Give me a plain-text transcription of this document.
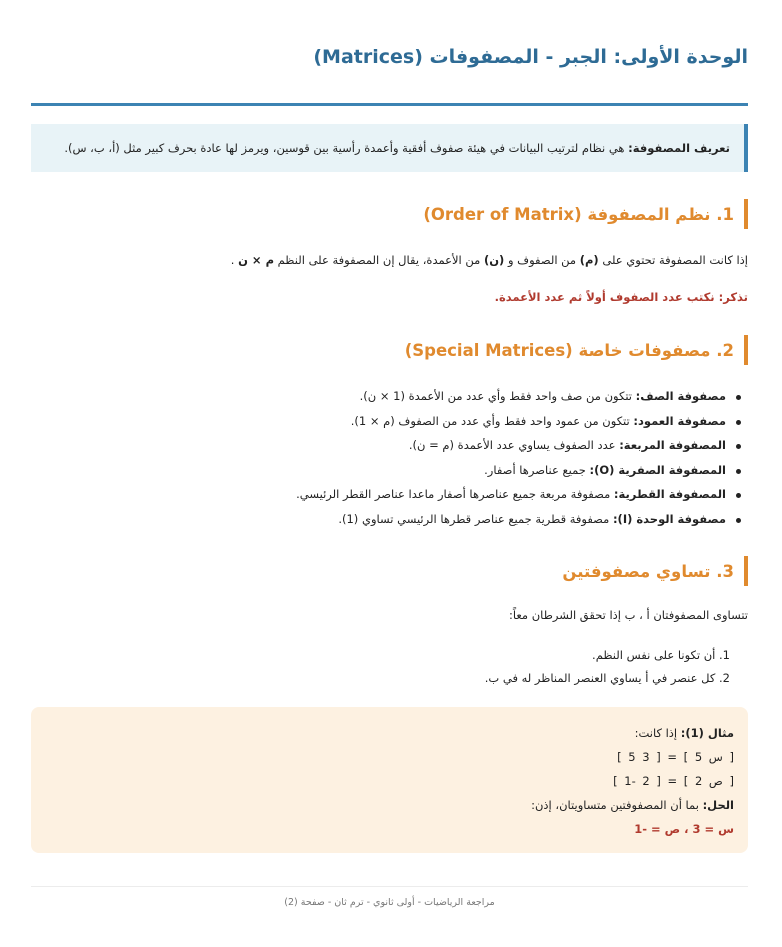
الوحدة الأولى: الجبر - المصفوفات (Matrices)

تعريف المصفوفة: هي نظام لترتيب البيانات في هيئة صفوف أفقية وأعمدة رأسية بين قوسين، ويرمز لها عادة بحرف كبير مثل (أ، ب، س).

1. نظم المصفوفة (Order of Matrix)

إذا كانت المصفوفة تحتوي على (م) من الصفوف و (ن) من الأعمدة، يقال إن المصفوفة على النظم م × ن .

تذكر: نكتب عدد الصفوف أولاً ثم عدد الأعمدة.

2. مصفوفات خاصة (Special Matrices)
مصفوفة الصف: تتكون من صف واحد فقط وأي عدد من الأعمدة (1 × ن).
مصفوفة العمود: تتكون من عمود واحد فقط وأي عدد من الصفوف (م × 1).
المصفوفة المربعة: عدد الصفوف يساوي عدد الأعمدة (م = ن).
المصفوفة الصفرية (O): جميع عناصرها أصفار.
المصفوفة القطرية: مصفوفة مربعة جميع عناصرها أصفار ماعدا عناصر القطر الرئيسي.
مصفوفة الوحدة (I): مصفوفة قطرية جميع عناصر قطرها الرئيسي تساوي (1).
3. تساوي مصفوفتين

تتساوى المصفوفتان أ ، ب إذا تحقق الشرطان معاً:

1. أن تكونا على نفس النظم.
2. كل عنصر في أ يساوي العنصر المناظر له في ب.
مثال (1): إذا كانت:
[ 5 3 ] = [ 5 س ]
[ 1- 2 ] = [ ص 2 ]
الحل: بما أن المصفوفتين متساويتان، إذن:
س = 3 ، ص = -1
مراجعة الرياضيات - أولى ثانوي - ترم ثان - صفحة (2)
